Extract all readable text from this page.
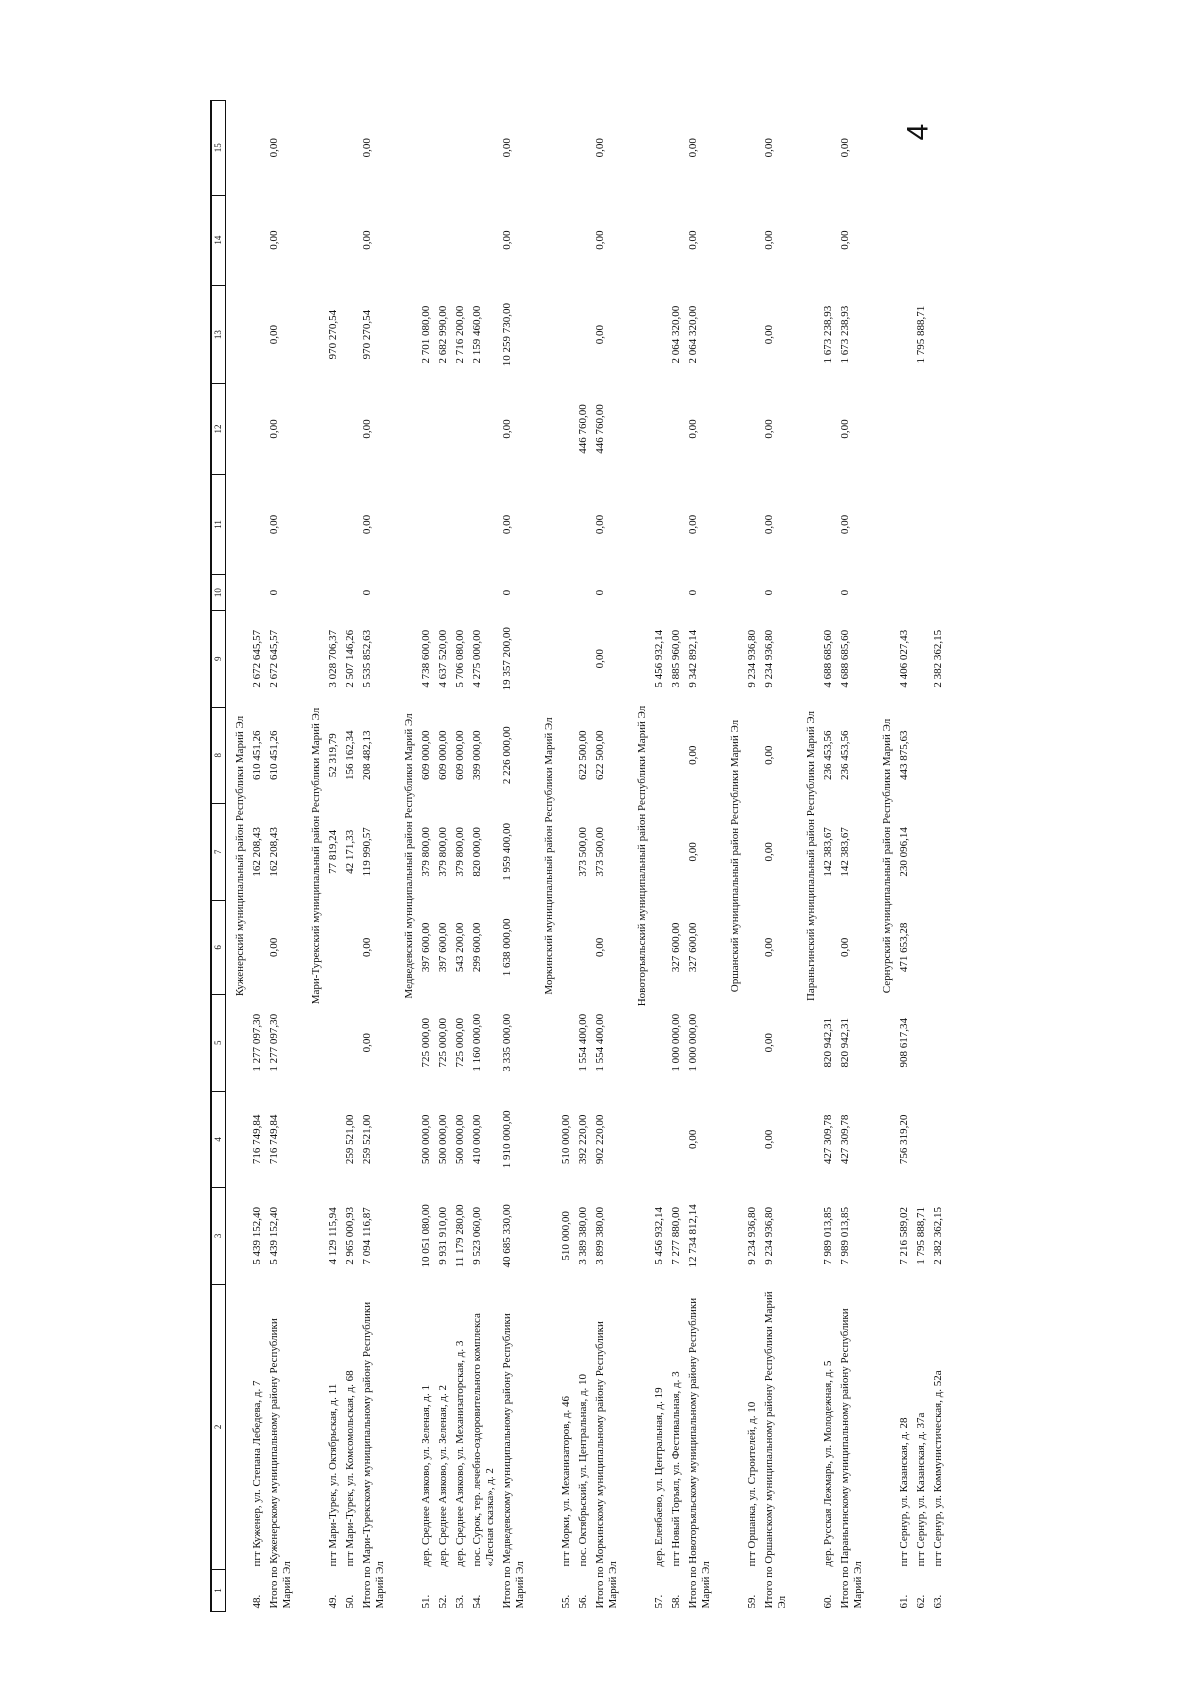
4
1	2	3	4	5	6	7	8	9	10	11	12	13	14	15
Куженерский муниципальный район Республики Марий Эл														
48.	пгт Куженер, ул. Степана Лебедева, д. 7	5 439 152,40	716 749,84	1 277 097,30		162 208,43	610 451,26	2 672 645,57						
Итого по Куженерскому муниципальному району Республики Марий Эл		5 439 152,40	716 749,84	1 277 097,30	0,00	162 208,43	610 451,26	2 672 645,57	0	0,00	0,00	0,00	0,00	0,00
Мари-Турекский муниципальный район Республики Марий Эл														
49.	пгт Мари-Турек, ул. Октябрьская, д. 11	4 129 115,94				77 819,24	52 319,79	3 028 706,37				970 270,54		
50.	пгт Мари-Турек, ул. Комсомольская, д. 68	2 965 000,93	259 521,00			42 171,33	156 162,34	2 507 146,26						
Итого по Мари-Турекскому муниципальному району Республики Марий Эл		7 094 116,87	259 521,00	0,00	0,00	119 990,57	208 482,13	5 535 852,63	0	0,00	0,00	970 270,54	0,00	0,00
Медведевский муниципальный район Республики Марий Эл														
51.	дер. Среднее Азяково, ул. Зеленая, д. 1	10 051 080,00	500 000,00	725 000,00	397 600,00	379 800,00	609 000,00	4 738 600,00				2 701 080,00		
52.	дер. Среднее Азяково, ул. Зеленая, д. 2	9 931 910,00	500 000,00	725 000,00	397 600,00	379 800,00	609 000,00	4 637 520,00				2 682 990,00		
53.	дер. Среднее Азяково, ул. Механизаторская, д. 3	11 179 280,00	500 000,00	725 000,00	543 200,00	379 800,00	609 000,00	5 706 080,00				2 716 200,00		
54.	пос. Сурок, тер. лечебно-оздоровительного комплекса «Лесная сказка», д. 2	9 523 060,00	410 000,00	1 160 000,00	299 600,00	820 000,00	399 000,00	4 275 000,00				2 159 460,00		
Итого по Медведевскому муниципальному району Республики Марий Эл		40 685 330,00	1 910 000,00	3 335 000,00	1 638 000,00	1 959 400,00	2 226 000,00	19 357 200,00	0	0,00	0,00	10 259 730,00	0,00	0,00
Моркинский муниципальный район Республики Марий Эл														
55.	пгт Морки, ул. Механизаторов, д. 46	510 000,00	510 000,00											
56.	пос. Октябрьский, ул. Центральная, д. 10	3 389 380,00	392 220,00	1 554 400,00		373 500,00	622 500,00				446 760,00			
Итого по Моркинскому муниципальному району Республики Марий Эл		3 899 380,00	902 220,00	1 554 400,00	0,00	373 500,00	622 500,00	0,00	0	0,00	446 760,00	0,00	0,00	0,00
Новоторъяльский муниципальный район Республики Марий Эл														
57.	дер. Елеябаево, ул. Центральная, д. 19	5 456 932,14						5 456 932,14						
58.	пгт Новый Торъял, ул. Фестивальная, д. 3	7 277 880,00		1 000 000,00	327 600,00			3 885 960,00				2 064 320,00		
Итого по Новоторъяльскому муниципальному району Республики Марий Эл		12 734 812,14	0,00	1 000 000,00	327 600,00	0,00	0,00	9 342 892,14	0	0,00	0,00	2 064 320,00	0,00	0,00
Оршанский муниципальный район Республики Марий Эл														
59.	пгт Оршанка, ул. Строителей, д. 10	9 234 936,80						9 234 936,80						
Итого по Оршанскому муниципальному району Республики Марий Эл		9 234 936,80	0,00	0,00	0,00	0,00	0,00	9 234 936,80	0	0,00	0,00	0,00	0,00	0,00
Параньгинский муниципальный район Республики Марий Эл														
60.	дер. Русская Лежмарь, ул. Молодежная, д. 5	7 989 013,85	427 309,78	820 942,31		142 383,67	236 453,56	4 688 685,60				1 673 238,93		
Итого по Параньгинскому муниципальному району Республики Марий Эл		7 989 013,85	427 309,78	820 942,31	0,00	142 383,67	236 453,56	4 688 685,60	0	0,00	0,00	1 673 238,93	0,00	0,00
Сернурский муниципальный район Республики Марий Эл														
61.	пгт Сернур, ул. Казанская, д. 28	7 216 589,02	756 319,20	908 617,34	471 653,28	230 096,14	443 875,63	4 406 027,43						
62.	пгт Сернур, ул. Казанская, д. 37а	1 795 888,71										1 795 888,71		
63.	пгт Сернур, ул. Коммунистическая, д. 52а	2 382 362,15						2 382 362,15						
